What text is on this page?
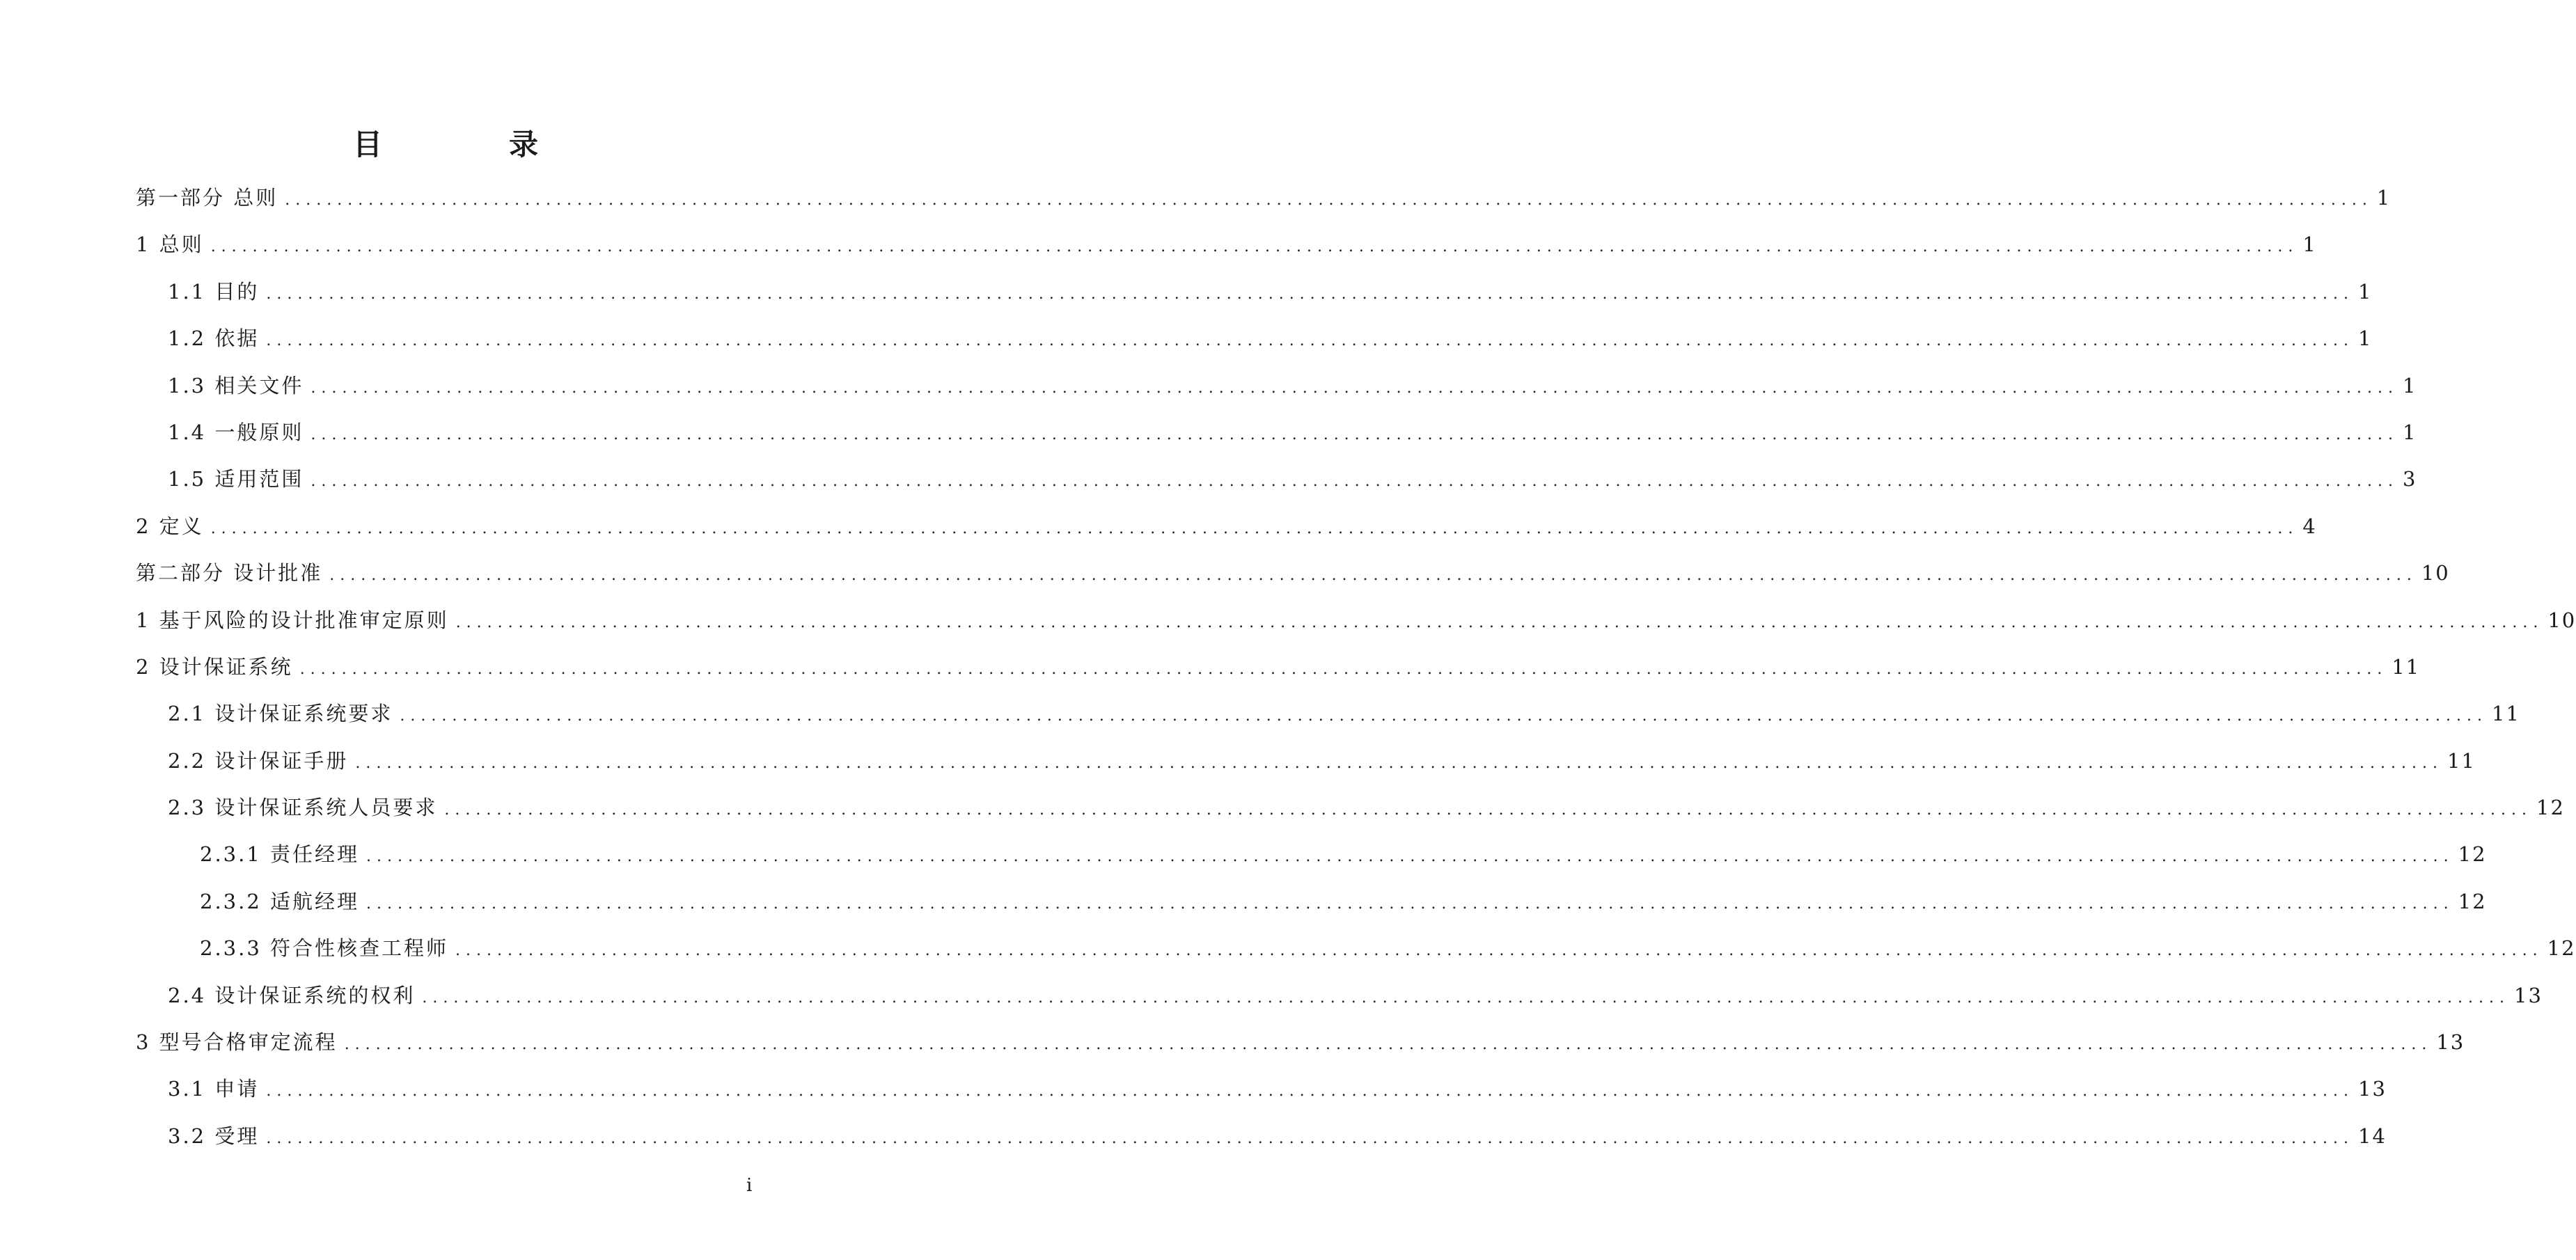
目　录
第一部分 总则 ........................................................................................................................................................................................................ 1
1 总则 ........................................................................................................................................................................................................ 1
1.1 目的 ........................................................................................................................................................................................................ 1
1.2 依据 ........................................................................................................................................................................................................ 1
1.3 相关文件 ........................................................................................................................................................................................................ 1
1.4 一般原则 ........................................................................................................................................................................................................ 1
1.5 适用范围 ........................................................................................................................................................................................................ 3
2 定义 ........................................................................................................................................................................................................ 4
第二部分 设计批准 ........................................................................................................................................................................................................ 10
1 基于风险的设计批准审定原则 ........................................................................................................................................................................................................ 10
2 设计保证系统 ........................................................................................................................................................................................................ 11
2.1 设计保证系统要求 ........................................................................................................................................................................................................ 11
2.2 设计保证手册 ........................................................................................................................................................................................................ 11
2.3 设计保证系统人员要求 ........................................................................................................................................................................................................ 12
2.3.1 责任经理 ........................................................................................................................................................................................................ 12
2.3.2 适航经理 ........................................................................................................................................................................................................ 12
2.3.3 符合性核查工程师 ........................................................................................................................................................................................................ 12
2.4 设计保证系统的权利 ........................................................................................................................................................................................................ 13
3 型号合格审定流程 ........................................................................................................................................................................................................ 13
3.1 申请 ........................................................................................................................................................................................................ 13
3.2 受理 ........................................................................................................................................................................................................ 14
i
